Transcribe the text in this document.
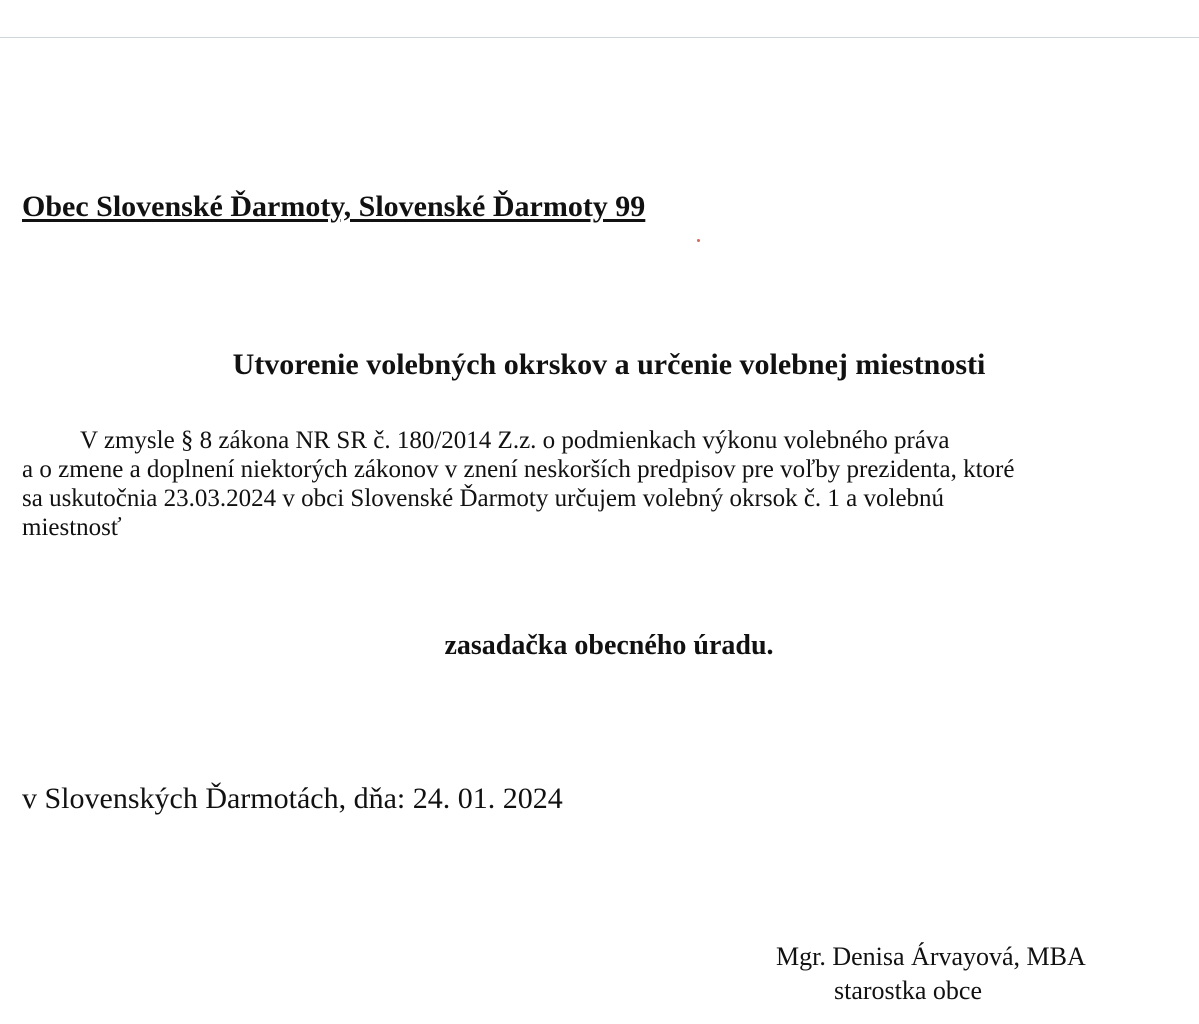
Obec Slovenské Ďarmoty, Slovenské Ďarmoty 99
Utvorenie volebných okrskov a určenie volebnej miestnosti
V zmysle § 8 zákona NR SR č. 180/2014 Z.z. o podmienkach výkonu volebného práva
a o zmene a doplnení niektorých zákonov v znení neskorších predpisov pre voľby prezidenta, ktoré
sa uskutočnia 23.03.2024 v obci Slovenské Ďarmoty určujem volebný okrsok č. 1 a volebnú
miestnosť
zasadačka obecného úradu.
v Slovenských Ďarmotách, dňa: 24. 01. 2024
Mgr. Denisa Árvayová, MBA
starostka obce
